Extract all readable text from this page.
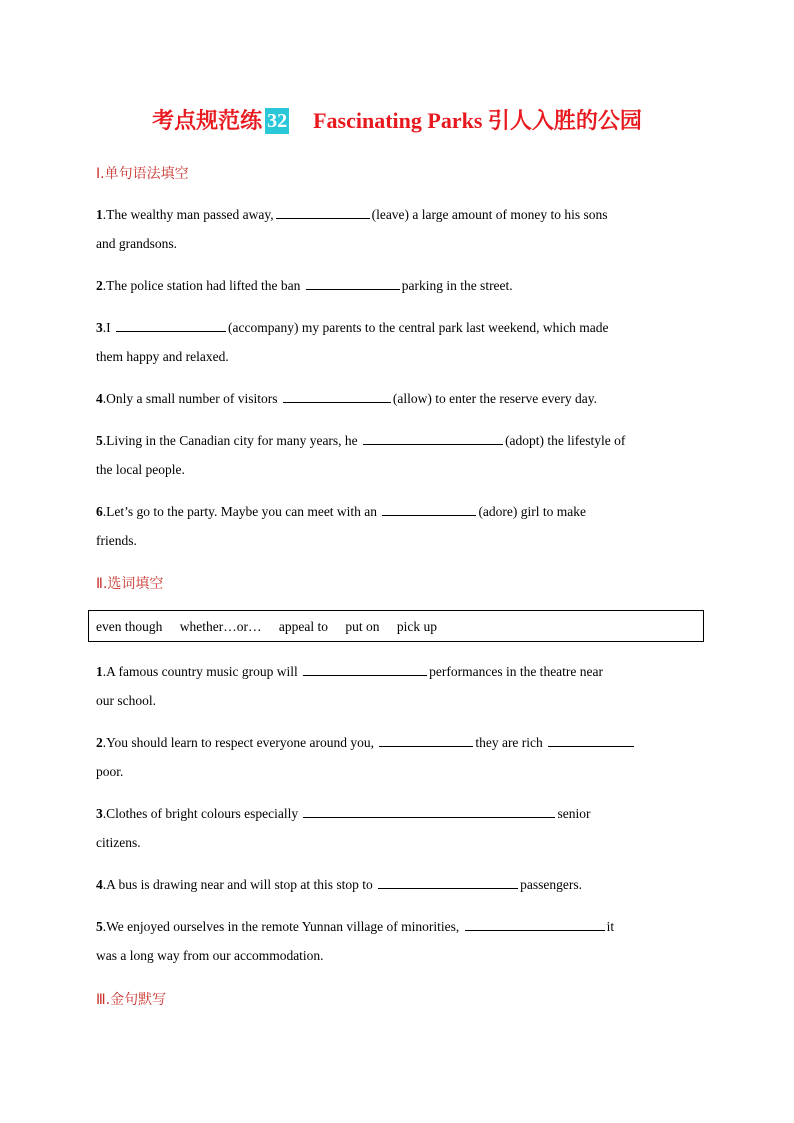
考点规范练 32 Fascinating Parks 引人入胜的公园
Ⅰ.单句语法填空
1.The wealthy man passed away,	(leave) a large amount of money to his sons
and grandsons.
2.The police station had lifted the ban	parking in the street.
3.I	(accompany) my parents to the central park last weekend, which made
them happy and relaxed.
4.Only a small number of visitors	(allow) to enter the reserve every day.
5.Living in the Canadian city for many years, he	(adopt) the lifestyle of
the local people.
6.Let’s go to the party. Maybe you can meet with an	(adore) girl to make
friends.
Ⅱ.选词填空
even though whether…or… appeal to put on pick up
1.A famous country music group will	performances in the theatre near
our school.
2.You should learn to respect everyone around you,	they are rich
poor.
3.Clothes of bright colours especially	senior
citizens.
4.A bus is drawing near and will stop at this stop to	passengers.
5.We enjoyed ourselves in the remote Yunnan village of minorities,	it
was a long way from our accommodation.
Ⅲ.金句默写
